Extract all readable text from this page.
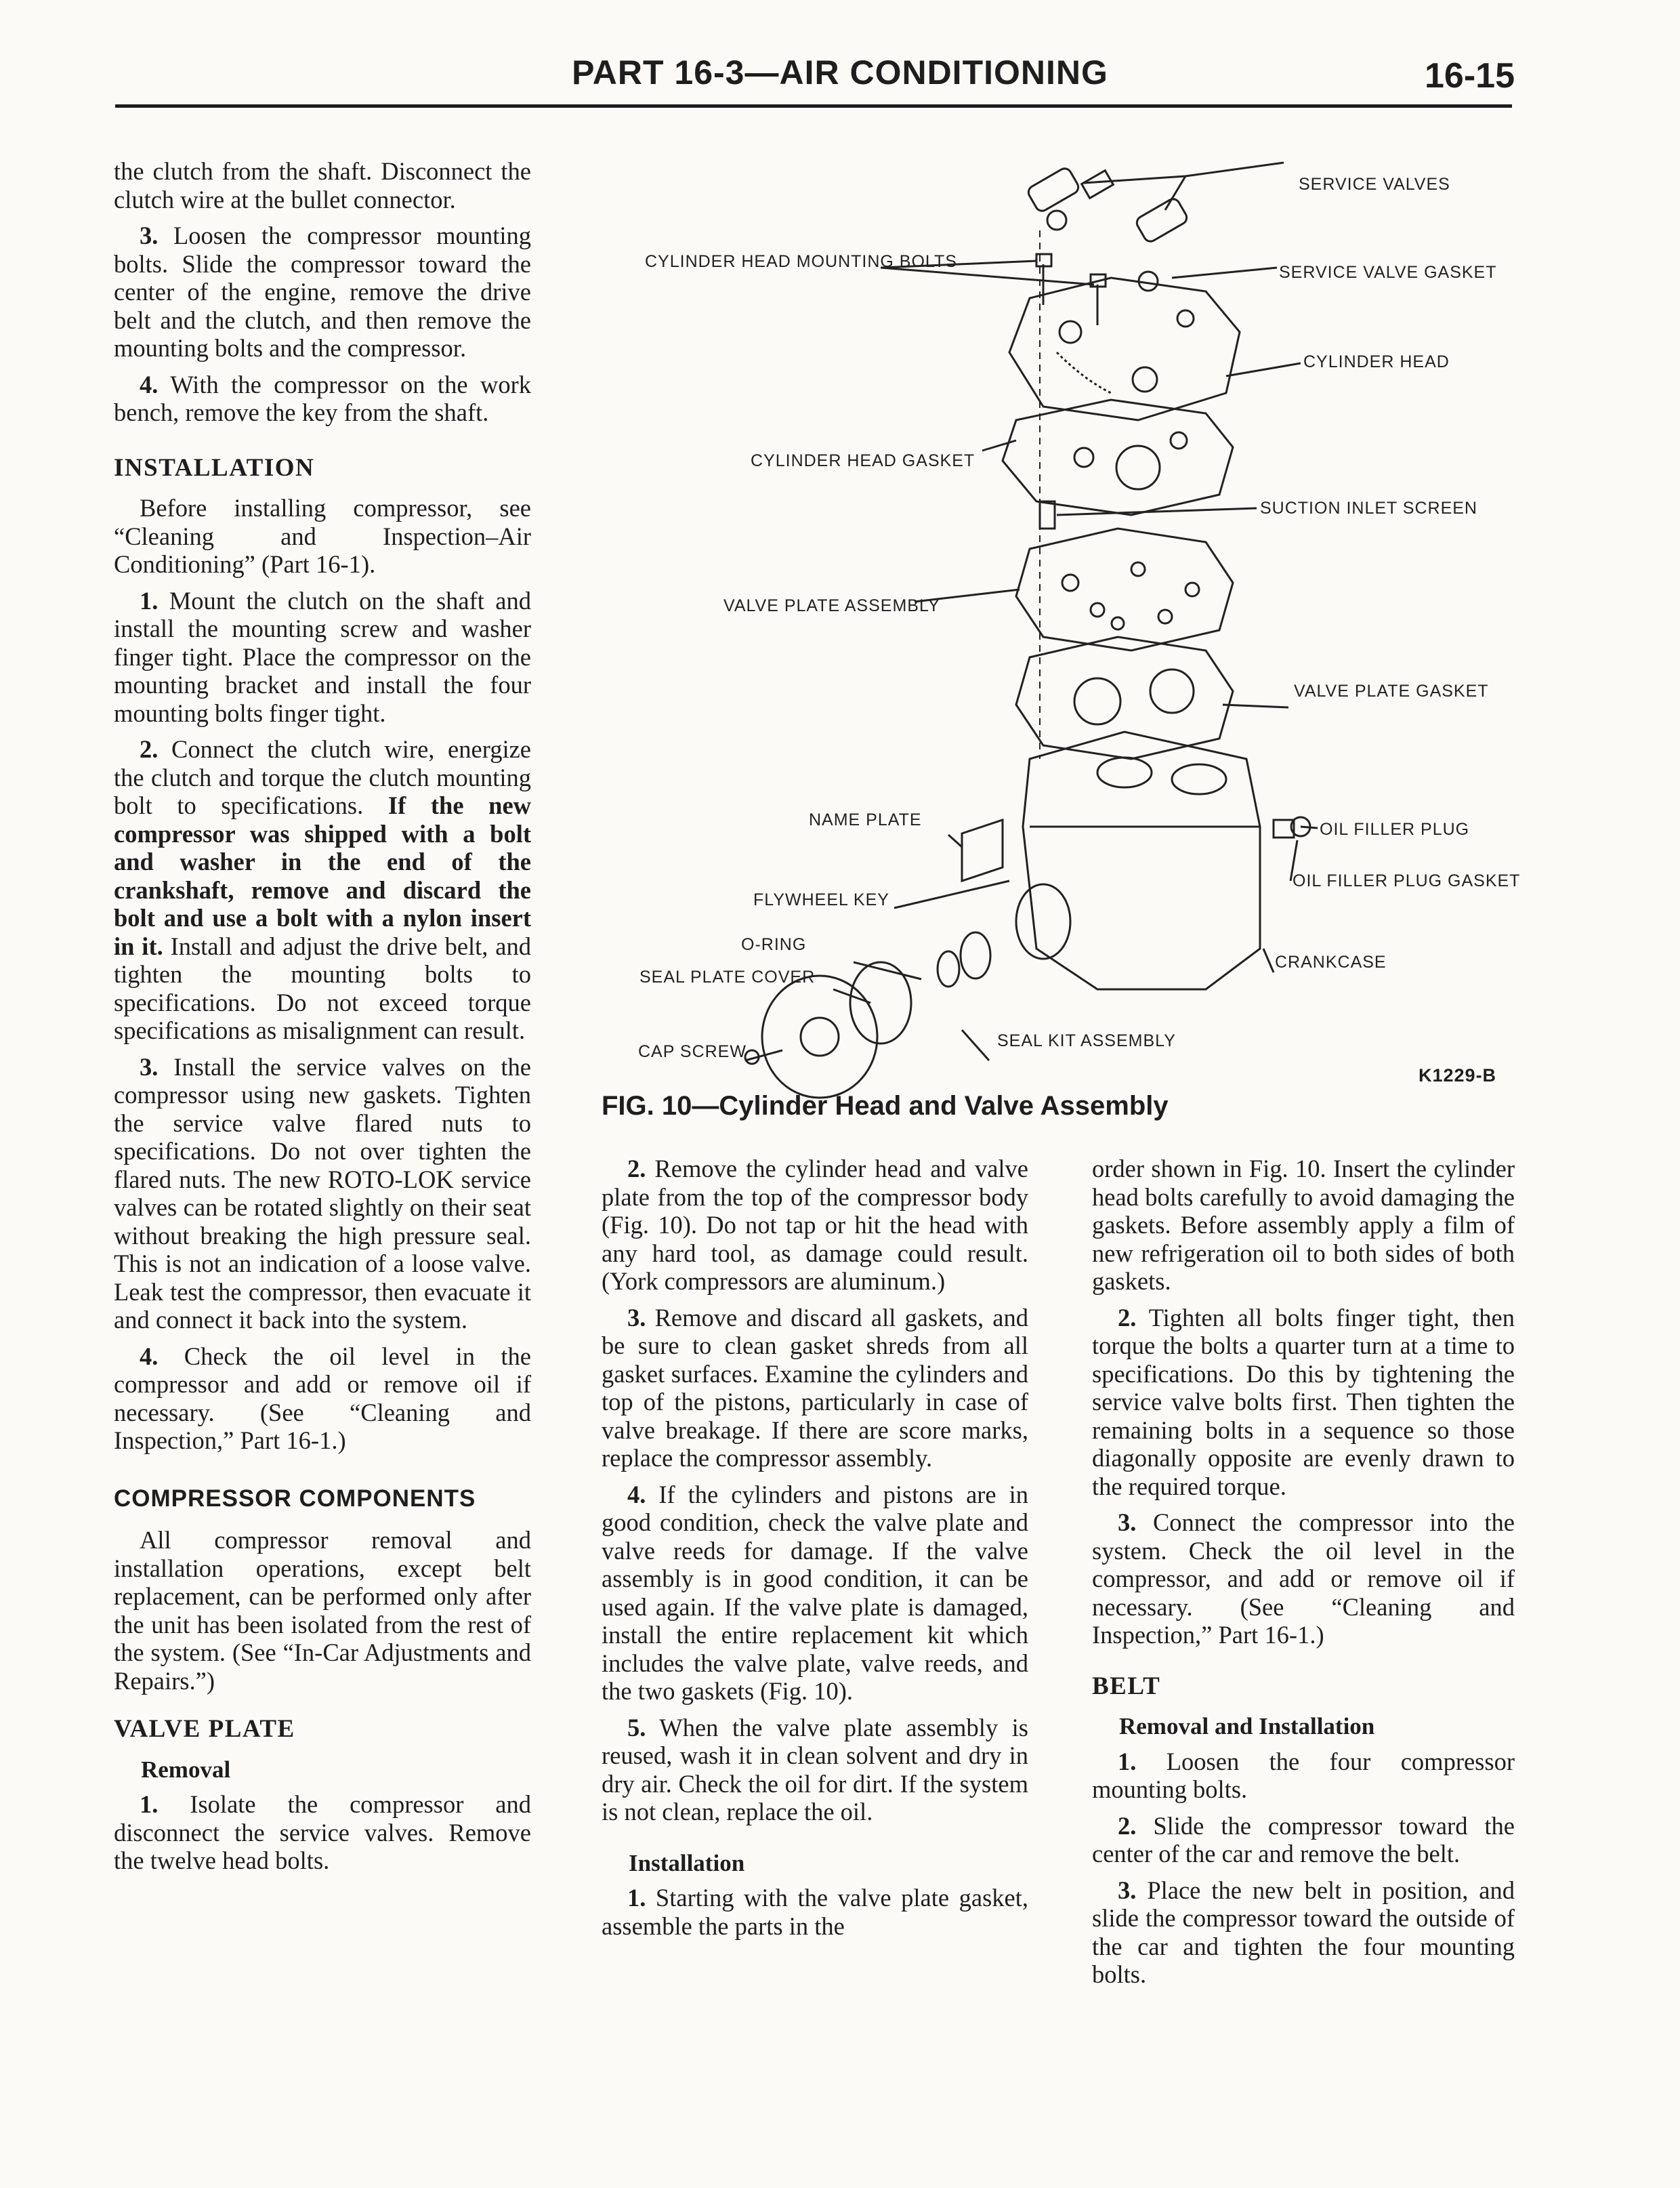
PART 16-3—AIR CONDITIONING	16-15

the clutch from the shaft. Disconnect the clutch wire at the bullet connector.

3. Loosen the compressor mounting bolts. Slide the compressor toward the center of the engine, remove the drive belt and the clutch, and then remove the mounting bolts and the compressor.

4. With the compressor on the work bench, remove the key from the shaft.

INSTALLATION

Before installing compressor, see “Cleaning and Inspection–Air Conditioning” (Part 16-1).

1. Mount the clutch on the shaft and install the mounting screw and washer finger tight. Place the compressor on the mounting bracket and install the four mounting bolts finger tight.

2. Connect the clutch wire, energize the clutch and torque the clutch mounting bolt to specifications. If the new compressor was shipped with a bolt and washer in the end of the crankshaft, remove and discard the bolt and use a bolt with a nylon insert in it. Install and adjust the drive belt, and tighten the mounting bolts to specifications. Do not exceed torque specifications as misalignment can result.

3. Install the service valves on the compressor using new gaskets. Tighten the service valve flared nuts to specifications. Do not over tighten the flared nuts. The new ROTO-LOK service valves can be rotated slightly on their seat without breaking the high pressure seal. This is not an indication of a loose valve. Leak test the compressor, then evacuate it and connect it back into the system.

4. Check the oil level in the compressor and add or remove oil if necessary. (See “Cleaning and Inspection,” Part 16-1.)

COMPRESSOR COMPONENTS

All compressor removal and installation operations, except belt replacement, can be performed only after the unit has been isolated from the rest of the system. (See “In-Car Adjustments and Repairs.”)

VALVE PLATE
Removal

1. Isolate the compressor and disconnect the service valves. Remove the twelve head bolts.

SERVICE VALVES
CYLINDER HEAD MOUNTING BOLTS
SERVICE VALVE GASKET
CYLINDER HEAD
CYLINDER HEAD GASKET
SUCTION INLET SCREEN
VALVE PLATE ASSEMBLY
VALVE PLATE GASKET
NAME PLATE	OIL FILLER PLUG
OIL FILLER PLUG GASKET
FLYWHEEL KEY
O-RING
SEAL PLATE COVER
CRANKCASE
CAP SCREW
SEAL KIT ASSEMBLY
K1229-B
FIG. 10—Cylinder Head and Valve Assembly

2. Remove the cylinder head and valve plate from the top of the compressor body (Fig. 10). Do not tap or hit the head with any hard tool, as damage could result. (York compressors are aluminum.)

3. Remove and discard all gaskets, and be sure to clean gasket shreds from all gasket surfaces. Examine the cylinders and top of the pistons, particularly in case of valve breakage. If there are score marks, replace the compressor assembly.

4. If the cylinders and pistons are in good condition, check the valve plate and valve reeds for damage. If the valve assembly is in good condition, it can be used again. If the valve plate is damaged, install the entire replacement kit which includes the valve plate, valve reeds, and the two gaskets (Fig. 10).

5. When the valve plate assembly is reused, wash it in clean solvent and dry in dry air. Check the oil for dirt. If the system is not clean, replace the oil.

Installation

1. Starting with the valve plate gasket, assemble the parts in the

order shown in Fig. 10. Insert the cylinder head bolts carefully to avoid damaging the gaskets. Before assembly apply a film of new refrigeration oil to both sides of both gaskets.

2. Tighten all bolts finger tight, then torque the bolts a quarter turn at a time to specifications. Do this by tightening the service valve bolts first. Then tighten the remaining bolts in a sequence so those diagonally opposite are evenly drawn to the required torque.

3. Connect the compressor into the system. Check the oil level in the compressor, and add or remove oil if necessary. (See “Cleaning and Inspection,” Part 16-1.)

BELT
Removal and Installation

1. Loosen the four compressor mounting bolts.

2. Slide the compressor toward the center of the car and remove the belt.

3. Place the new belt in position, and slide the compressor toward the outside of the car and tighten the four mounting bolts.
